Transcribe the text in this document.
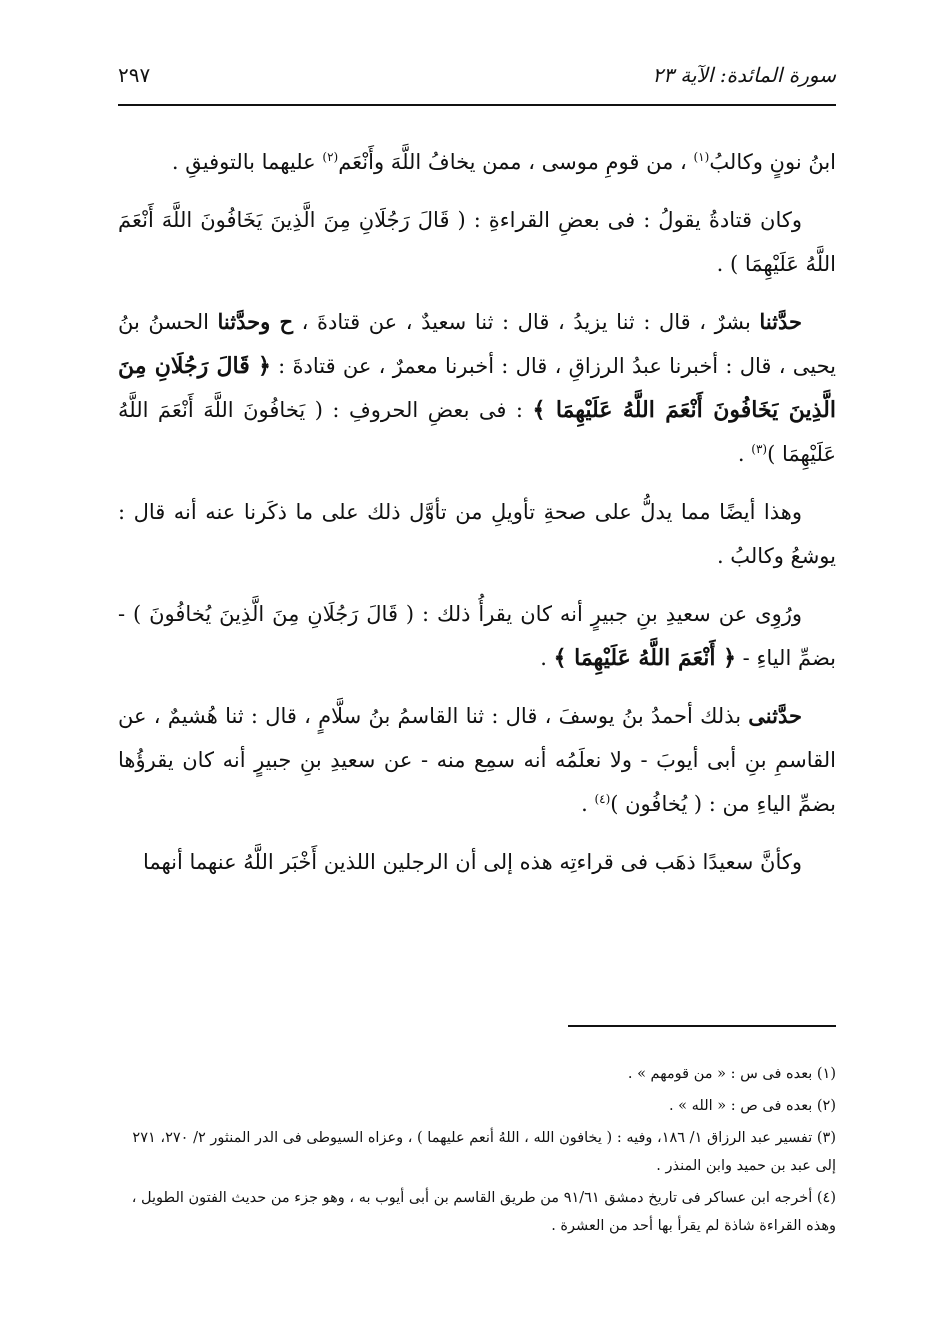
سورة المائدة: الآية ٢٣
٢٩٧

ابنُ نونٍ وكالبُ$^{(١)}$ ، من قومِ موسى ، ممن يخافُ اللَّهَ وأَنْعَم$^{(٢)}$ عليهما بالتوفيقِ .

وكان قتادةُ يقولُ : فى بعضِ القراءةِ : ( قَالَ رَجُلَانِ مِنَ الَّذِينَ يَخَافُونَ اللَّهَ أَنْعَمَ اللَّهُ عَلَيْهِمَا ) .

حدَّثنا بشرٌ ، قال : ثنا يزيدُ ، قال : ثنا سعيدٌ ، عن قتادةَ ، ح وحدَّثنا الحسنُ بنُ يحيى ، قال : أخبرنا عبدُ الرزاقِ ، قال : أخبرنا معمرٌ ، عن قتادةَ : ﴿ قَالَ رَجُلَانِ مِنَ الَّذِينَ يَخَافُونَ أَنْعَمَ اللَّهُ عَلَيْهِمَا ﴾ : فى بعضِ الحروفِ : ( يَخافُونَ اللَّهَ أَنْعَمَ اللَّهُ عَلَيْهِمَا )$^{(٣)}$ .

وهذا أيضًا مما يدلُّ على صحةِ تأويلِ من تأوَّل ذلك على ما ذكَرنا عنه أنه قال : يوشعُ وكالبُ .

ورُوِى عن سعيدِ بنِ جبيرٍ أنه كان يقرأُ ذلك : ( قَالَ رَجُلَانِ مِنَ الَّذِينَ يُخافُونَ ) - بضمِّ الياءِ - ﴿ أَنْعَمَ اللَّهُ عَلَيْهِمَا ﴾ .

حدَّثنى بذلك أحمدُ بنُ يوسفَ ، قال : ثنا القاسمُ بنُ سلَّامٍ ، قال : ثنا هُشيمٌ ، عن القاسمِ بنِ أبى أيوبَ - ولا نعلَمُه أنه سمِع منه - عن سعيدِ بنِ جبيرٍ أنه كان يقرؤُها بضمِّ الياءِ من : ( يُخافُون )$^{(٤)}$ .

وكأنَّ سعيدًا ذهَب فى قراءتِه هذه إلى أن الرجلين اللذين أَخْبَر اللَّهُ عنهما أنهما

(١) بعده فى س : « من قومهم » .

(٢) بعده فى ص : « الله » .

(٣) تفسير عبد الرزاق ١/ ١٨٦، وفيه : ( يخافون الله ، اللهُ أنعم عليهما ) ، وعزاه السيوطى فى الدر المنثور ٢/ ٢٧٠، ٢٧١ إلى عبد بن حميد وابن المنذر .

(٤) أخرجه ابن عساكر فى تاريخ دمشق ٩١/٦١ من طريق القاسم بن أبى أيوب به ، وهو جزء من حديث الفتون الطويل ، وهذه القراءة شاذة لم يقرأ بها أحد من العشرة .
